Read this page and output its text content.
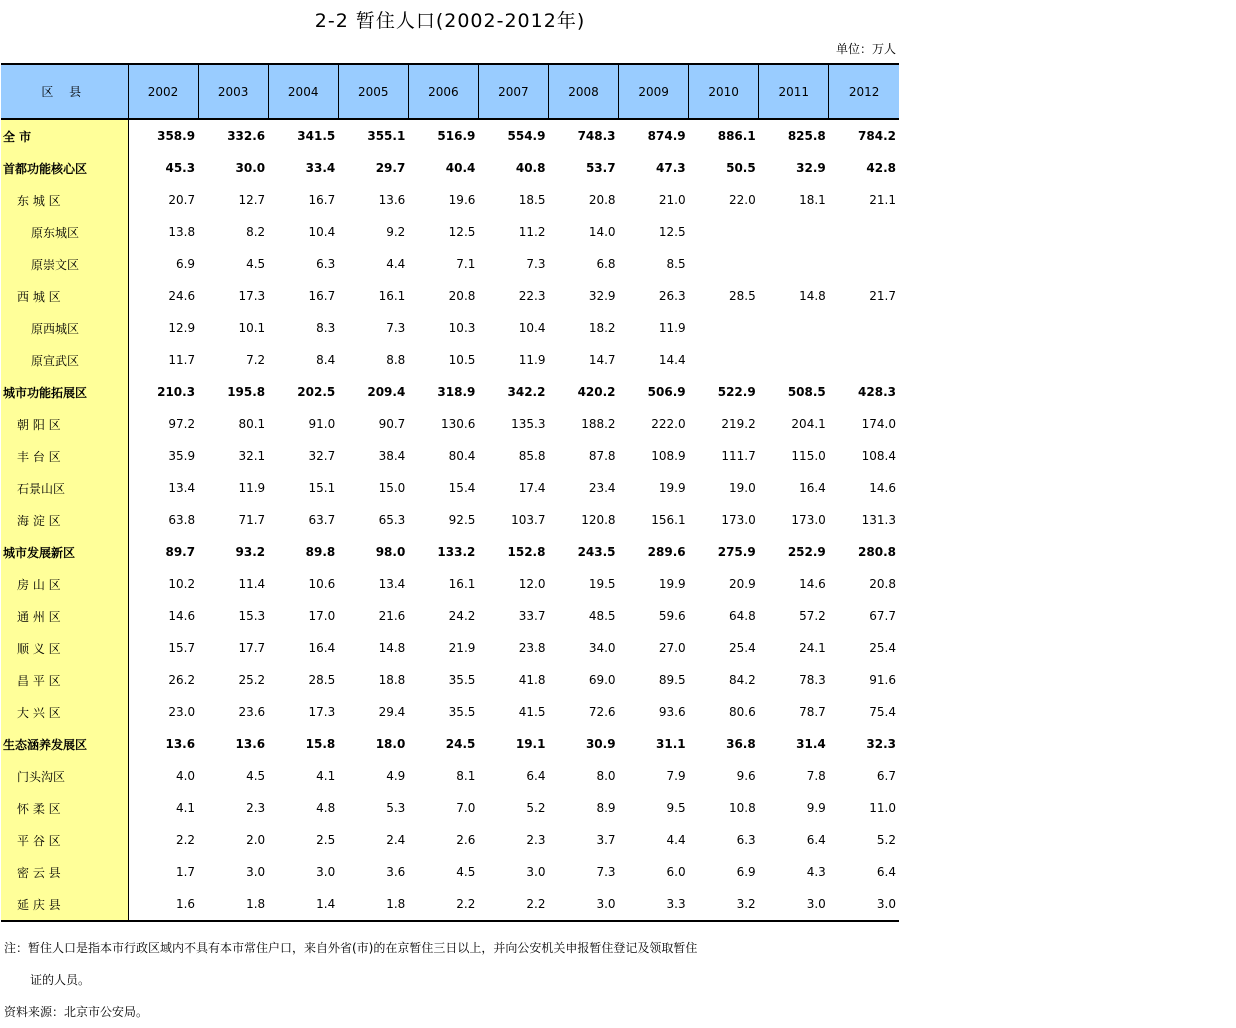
2-2 暂住人口(2002-2012年)
单位：万人
区 县	2002	2003	2004	2005	2006	2007	2008	2009	2010	2011	2012
全 市	358.9	332.6	341.5	355.1	516.9	554.9	748.3	874.9	886.1	825.8	784.2
首都功能核心区	45.3	30.0	33.4	29.7	40.4	40.8	53.7	47.3	50.5	32.9	42.8
东 城 区	20.7	12.7	16.7	13.6	19.6	18.5	20.8	21.0	22.0	18.1	21.1
原东城区	13.8	8.2	10.4	9.2	12.5	11.2	14.0	12.5			
原崇文区	6.9	4.5	6.3	4.4	7.1	7.3	6.8	8.5			
西 城 区	24.6	17.3	16.7	16.1	20.8	22.3	32.9	26.3	28.5	14.8	21.7
原西城区	12.9	10.1	8.3	7.3	10.3	10.4	18.2	11.9			
原宣武区	11.7	7.2	8.4	8.8	10.5	11.9	14.7	14.4			
城市功能拓展区	210.3	195.8	202.5	209.4	318.9	342.2	420.2	506.9	522.9	508.5	428.3
朝 阳 区	97.2	80.1	91.0	90.7	130.6	135.3	188.2	222.0	219.2	204.1	174.0
丰 台 区	35.9	32.1	32.7	38.4	80.4	85.8	87.8	108.9	111.7	115.0	108.4
石景山区	13.4	11.9	15.1	15.0	15.4	17.4	23.4	19.9	19.0	16.4	14.6
海 淀 区	63.8	71.7	63.7	65.3	92.5	103.7	120.8	156.1	173.0	173.0	131.3
城市发展新区	89.7	93.2	89.8	98.0	133.2	152.8	243.5	289.6	275.9	252.9	280.8
房 山 区	10.2	11.4	10.6	13.4	16.1	12.0	19.5	19.9	20.9	14.6	20.8
通 州 区	14.6	15.3	17.0	21.6	24.2	33.7	48.5	59.6	64.8	57.2	67.7
顺 义 区	15.7	17.7	16.4	14.8	21.9	23.8	34.0	27.0	25.4	24.1	25.4
昌 平 区	26.2	25.2	28.5	18.8	35.5	41.8	69.0	89.5	84.2	78.3	91.6
大 兴 区	23.0	23.6	17.3	29.4	35.5	41.5	72.6	93.6	80.6	78.7	75.4
生态涵养发展区	13.6	13.6	15.8	18.0	24.5	19.1	30.9	31.1	36.8	31.4	32.3
门头沟区	4.0	4.5	4.1	4.9	8.1	6.4	8.0	7.9	9.6	7.8	6.7
怀 柔 区	4.1	2.3	4.8	5.3	7.0	5.2	8.9	9.5	10.8	9.9	11.0
平 谷 区	2.2	2.0	2.5	2.4	2.6	2.3	3.7	4.4	6.3	6.4	5.2
密 云 县	1.7	3.0	3.0	3.6	4.5	3.0	7.3	6.0	6.9	4.3	6.4
延 庆 县	1.6	1.8	1.4	1.8	2.2	2.2	3.0	3.3	3.2	3.0	3.0
注：暂住人口是指本市行政区域内不具有本市常住户口，来自外省(市)的在京暂住三日以上，并向公安机关申报暂住登记及领取暂住
证的人员。
资料来源：北京市公安局。
